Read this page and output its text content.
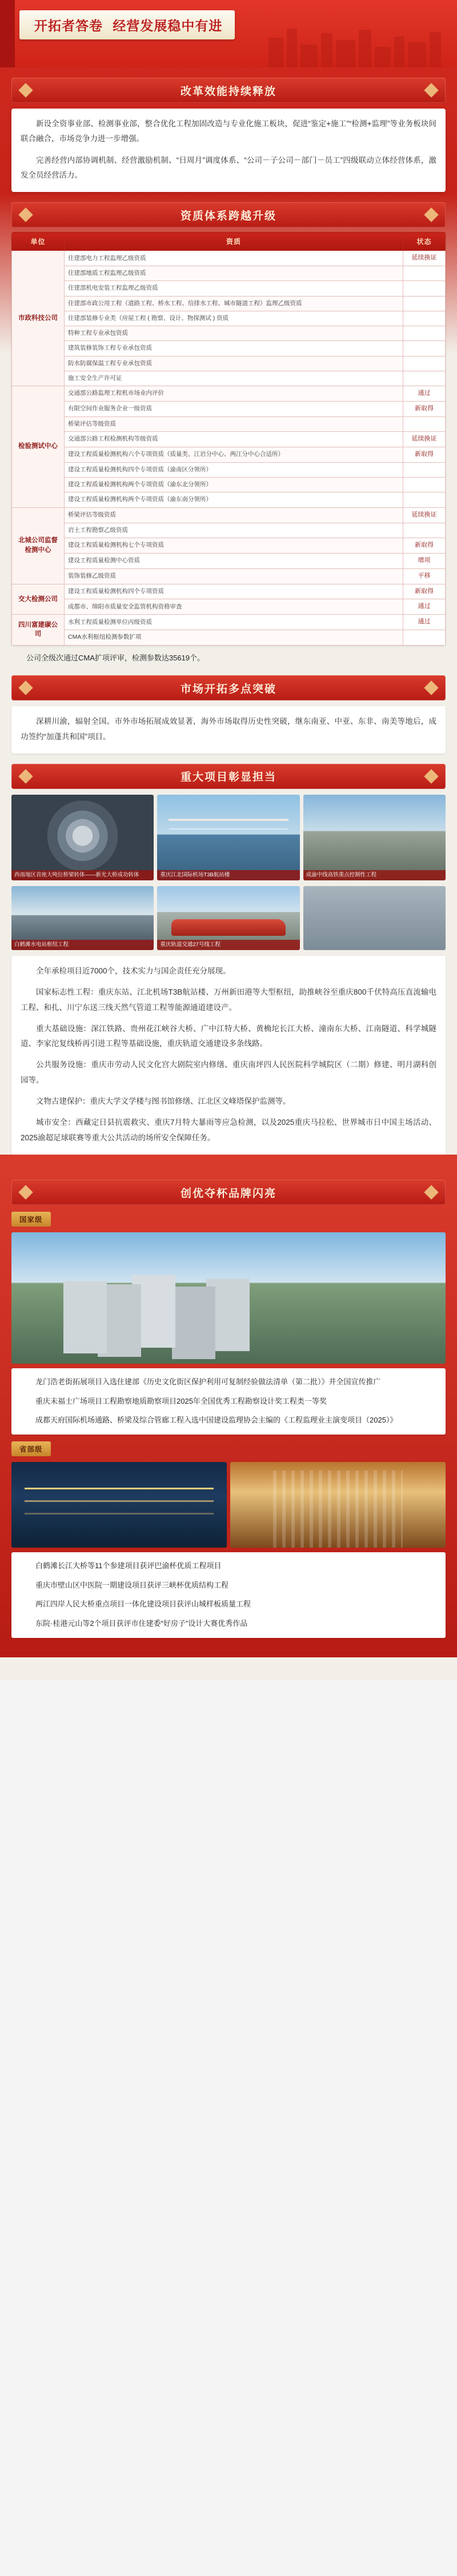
开拓者答卷 经营发展稳中有进
改革效能持续释放

新设全资事业部、检测事业部，整合优化工程加固改造与专业化施工板块，促进“鉴定+施工”“检测+监理”等业务板块间联合融合，市场竞争力进一步增强。

完善经营内部协调机制、经营激励机制、“日周月”调度体系、“公司－子公司－部门－员工”四级联动立体经营体系，激发全员经营活力。

资质体系跨越升级
单位	资质	状态
市政科技公司	住建部电力工程监理乙级资质	延续换证
	住建部地质工程监理乙级资质	
	住建部机电安装工程监理乙级资质	
	住建部市政公用工程（道路工程、桥水工程、给排水工程、城市隧道工程）监理乙级资质	
	住建部装修专业类（房屋工程 ( 勘察、设计、物探测试 ) 资质	
	特种工程专业承包资质	
	建筑装修装饰工程专业承包资质	
	防水防腐保温工程专业承包资质	
	施工安全生产许可证	
检验测试中心	交通部公路监理工程机市场业内评价	通过
	有限空间作业服务企业一级资质	新取得
	桥梁评估等级资质	
	交通部公路工程检测机构等级资质	延续换证
	建设工程质量检测机构六个专项资质（质量类、江岩分中心、两江分中心合适所）	新取得
	建设工程质量检测机构四个专项资质（渝南区分领所）	
	建设工程质量检测机构两个专项资质（渝东北分领所）	
	建设工程质量检测机构两个专项资质（渝东南分领所）	
北城公司监督检测中心	桥梁评估等级资质	延续换证
	岩土工程勘察乙级资质	
	建设工程质量检测机构七个专项资质	新取得
	建设工程质量检测中心资质	增项
	装饰装修乙级资质	平移
交大检测公司	建设工程质量检测机构四个专项资质	新取得
	成都市、绵阳市质量安全监管机构资格审查	通过
四川富建碳公司	水利工程质量检测单位丙级资质	通过
	CMA水利枢纽检测参数扩项	
公司全级次通过CMA扩项评审，检测参数达35619个。
市场开拓多点突破

深耕川渝，辐射全国。市外市场拓展成效显著，海外市场取得历史性突破，继东南亚、中亚、东非、南美等地后，成功签约“加蓬共和国”项目。

重大项目彰显担当
西南地区首座大吨位桥梁转体——新光大桥成功转体	重庆江北国际机场T3B航站楼	成渝中线高铁重点控制性工程
白鹤滩水电站枢纽工程	重庆轨道交通27号线工程

全年承检项目近7000个，技术实力与国企责任充分展现。

国家标志性工程：重庆东站、江北机场T3B航站楼、万州新田港等大型枢纽，助推峡谷至重庆800千伏特高压直流输电工程、和扎、川宁东送三线天然气管道工程等能源通道建设产。

重大基础设施：深江铁路、贵州花江峡谷大桥、广中江特大桥、黄桷坨长江大桥、潼南东大桥、江南隧道、科学城隧道、李家沱复线桥再引进工程等基础设施，重庆轨道交通建设多条线路。

公共服务设施：重庆市劳动人民文化宫大剧院室内修缮、重庆南坪四人民医院科学城院区（二期）修建、明月湖科创园等。

文物古建保护：重庆大学文学楼与图书馆修缮、江北区文峰塔保护监测等。

城市安全：西藏定日县抗震救灾、重庆7月特大暴雨等应急检测，以及2025重庆马拉松、世界城市日中国主场活动、2025渝超足球联赛等重大公共活动的场所安全保障任务。

创优夺杯品牌闪亮
国家级

龙门浩老街拓展项目入选住建部《历史文化街区保护利用可复制经验做法清单（第二批）》并全国宣传推广

重庆未福士广场项目工程勘察地质勘察项目2025年全国优秀工程勘察设计奖工程类一等奖

成都天府国际机场通路、桥梁及综合管廊工程入选中国建设监理协会主编的《工程监理业主演变项目（2025）》

省部级

白鹤滩长江大桥等11个参建项目获评巴渝杯优质工程项目

重庆市壁山区中医院一期建设项目获评三峡杯优质结构工程

两江四岸人民大桥重点项目一体化建设项目获评山城样板质量工程

东院·桂港元山等2个项目获评市住建委“好房子”设计大赛优秀作品
